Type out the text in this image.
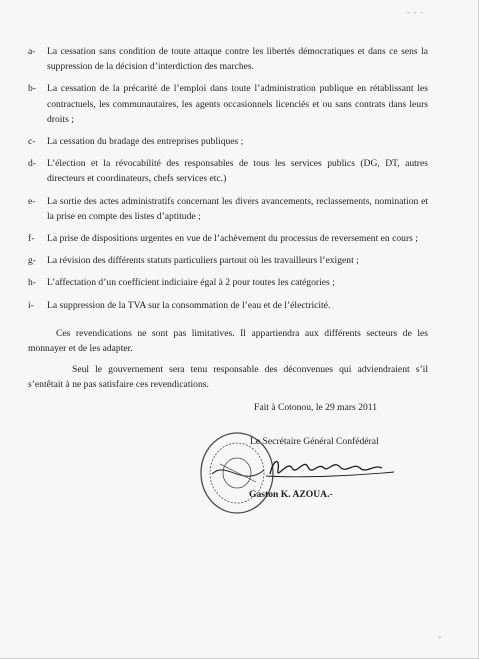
- - -
a-	La cessation sans condition de toute attaque contre les libertés démocratiques et dans ce sens la suppression de la décision d’interdiction des marches.
b-	La cessation de la précarité de l’emploi dans toute l’administration publique en rétablissant les contractuels, les communautaires, les agents occasionnels licenciés et ou sans contrats dans leurs droits ;
c-	La cessation du bradage des entreprises publiques ;
d-	L’élection et la révocabilité des responsables de tous les services publics (DG, DT, autres directeurs et coordinateurs, chefs services etc.)
e-	La sortie des actes administratifs concernant les divers avancements, reclassements, nomination et la prise en compte des listes d’aptitude ;
f-	La prise de dispositions urgentes en vue de l’achèvement du processus de reversement en cours ;
g-	La révision des différents statuts particuliers partout où les travailleurs l’exigent ;
h-	L’affectation d’un coefficient indiciaire égal à 2 pour toutes les catégories ;
i-	La suppression de la TVA sur la consommation de l’eau et de l’électricité.
Ces revendications ne sont pas limitatives. Il appartiendra aux différents secteurs de les monnayer et de les adapter.
Seul le gouvernement sera tenu responsable des déconvenues qui adviendraient s’il s’entêtait à ne pas satisfaire ces revendications.
Fait à Cotonou, le 29 mars 2011
Le Secrétaire Général Confédéral
Gaston K. AZOUA.-
◦
